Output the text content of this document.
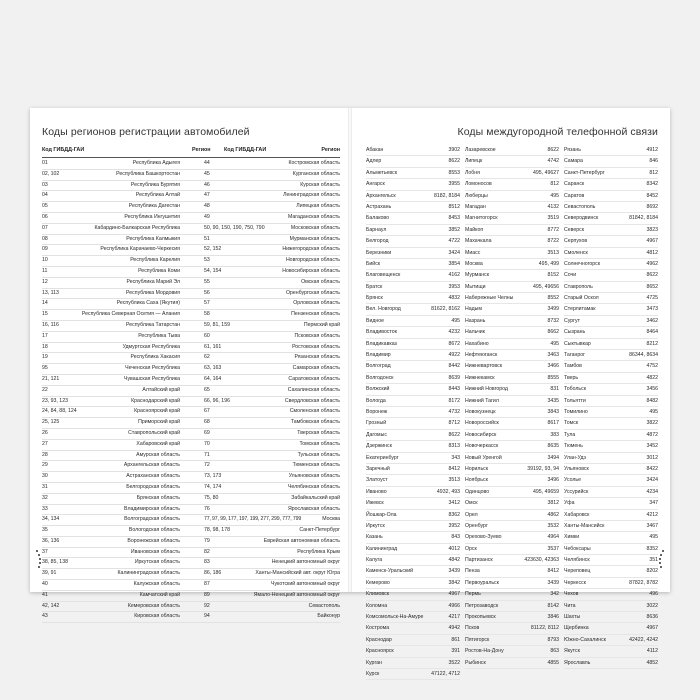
Коды регионов регистрации автомобилей
Код ГИБДД-ГАИ	Регион Код ГИБДД-ГАИ	Регион
01	Республика Адыгея	44	Костромская область
02, 102	Республика Башкортостан	45	Курганская область
03	Республика Бурятия	46	Курская область
04	Республика Алтай	47	Ленинградская область
05	Республика Дагестан	48	Липецкая область
06	Республика Ингушетия	49	Магаданская область
07	Кабардино-Балкарская Республика	50, 90, 150, 190, 750, 790	Московская область
08	Республика Калмыкия	51	Мурманская область
09	Республика Карачаево-Черкесия	52, 152	Нижегородская область
10	Республика Карелия	53	Новгородская область
11	Республика Коми	54, 154	Новосибирская область
12	Республика Марий Эл	55	Омская область
13, 113	Республика Мордовия	56	Оренбургская область
14	Республика Саха (Якутия)	57	Орловская область
15	Республика Северная Осетия — Алания	58	Пензенская область
16, 116	Республика Татарстан	59, 81, 159	Пермский край
17	Республика Тыва	60	Псковская область
18	Удмуртская Республика	61, 161	Ростовская область
19	Республика Хакасия	62	Рязанская область
95	Чеченская Республика	63, 163	Самарская область
21, 121	Чувашская Республика	64, 164	Саратовская область
22	Алтайский край	65	Сахалинская область
23, 93, 123	Краснодарский край	66, 96, 196	Свердловская область
24, 84, 88, 124	Красноярский край	67	Смоленская область
25, 125	Приморский край	68	Тамбовская область
26	Ставропольский край	69	Тверская область
27	Хабаровский край	70	Томская область
28	Амурская область	71	Тульская область
29	Архангельская область	72	Тюменская область
30	Астраханская область	73, 173	Ульяновская область
31	Белгородская область	74, 174	Челябинская область
32	Брянская область	75, 80	Забайкальский край
33	Владимирская область	76	Ярославская область
34, 134	Волгоградская область	77, 97, 99, 177, 197, 199, 277, 299, 777, 799	Москва
35	Вологодская область	78, 98, 178	Санкт-Петербург
36, 136	Воронежская область	79	Еврейская автономная область
37	Ивановская область	82	Республика Крым
38, 85, 138	Иркутская область	83	Ненецкий автономный округ
39, 91	Калининградская область	86, 186	Ханты-Мансийский авт. округ Югра
40	Калужская область	87	Чукотский автономный округ
41	Камчатский край	89	Ямало-Ненецкий автономный округ
42, 142	Кемеровская область	92	Севастополь
43	Кировская область	94	Байконур
Коды междугородной телефонной связи
Абакан	3902
Адлер	8622
Альметьевск	8553
Ангарск	3955
Архангельск	8182, 8184
Астрахань	8512
Балаково	8453
Барнаул	3852
Белгород	4722
Березники	3424
Бийск	3854
Благовещенск	4162
Братск	3953
Брянск	4832
Вел. Новгород	81622, 8162
Видное	495
Владивосток	4232
Владикавказ	8672
Владимир	4922
Волгоград	8442
Волгодонск	8639
Волжский	8443
Вологда	8172
Воронеж	4732
Грозный	8712
Дагомыс	8622
Дзержинск	8313
Екатеринбург	343
Заречный	8412
Златоуст	3513
Иваново	4932, 493
Ижевск	3412
Йошкар-Ола	8362
Иркутск	3952
Казань	843
Калининград	4012
Калуга	4842
Каменск-Уральский	3439
Кемерово	3842
Климовск	4967
Коломна	4966
Комсомольск-На-Амуре	4217
Кострома	4942
Краснодар	861
Красноярск	391
Курган	3522
Курск	47122, 4712
Лазаревское	8622
Липецк	4742
Лобня	495, 49627
Ломоносов	812
Люберцы	495
Магадан	4132
Магнитогорск	3519
Майкоп	8772
Махачкала	8722
Миасс	3513
Москва	495, 499
Мурманск	8152
Мытищи	495, 49656
Набережные Челны	8552
Надым	3499
Назрань	8732
Нальчик	8662
Нахабино	495
Нефтеюганск	3463
Нижневартовск	3466
Нижнекамск	8555
Нижний Новгород	831
Нижний Тагил	3435
Новокузнецк	3843
Новороссийск	8617
Новосибирск	383
Новочеркасск	8635
Новый Уренгой	3494
Норильск	39192, 93, 94
Ноябрьск	3496
Одинцово	495, 49659
Омск	3812
Орел	4862
Оренбург	3532
Орехово-Зуево	4964
Орск	3537
Партизанск	423630, 42363
Пенза	8412
Первоуральск	3439
Пермь	342
Петрозаводск	8142
Прокопьевск	3846
Псков	81122, 8112
Пятигорск	8793
Ростов-На-Дону	863
Рыбинск	4855
Рязань	4912
Самара	846
Санкт-Петербург	812
Саранск	8342
Саратов	8452
Севастополь	8692
Северодвинск	81842, 8184
Северск	3823
Серпухов	4967
Смоленск	4812
Солнечногорск	4962
Сочи	8622
Ставрополь	8652
Старый Оскол	4725
Стерлитамак	3473
Сургут	3462
Сызрань	8464
Сыктывкар	8212
Таганрог	86344, 8634
Тамбов	4752
Тверь	4822
Тобольск	3456
Тольятти	8482
Томилино	495
Томск	3822
Тула	4872
Тюмень	3452
Улан-Удэ	3012
Ульяновск	8422
Усолье	3424
Уссурийск	4234
Уфа	347
Хабаровск	4212
Ханты-Мансийск	3467
Химки	495
Чебоксары	8352
Челябинск	351
Череповец	8202
Черкесск	87822, 8782
Чехов	496
Чита	3022
Шахты	8636
Щербинка	4967
Южно-Сахалинск	42422, 4242
Якутск	4112
Ярославль	4852
